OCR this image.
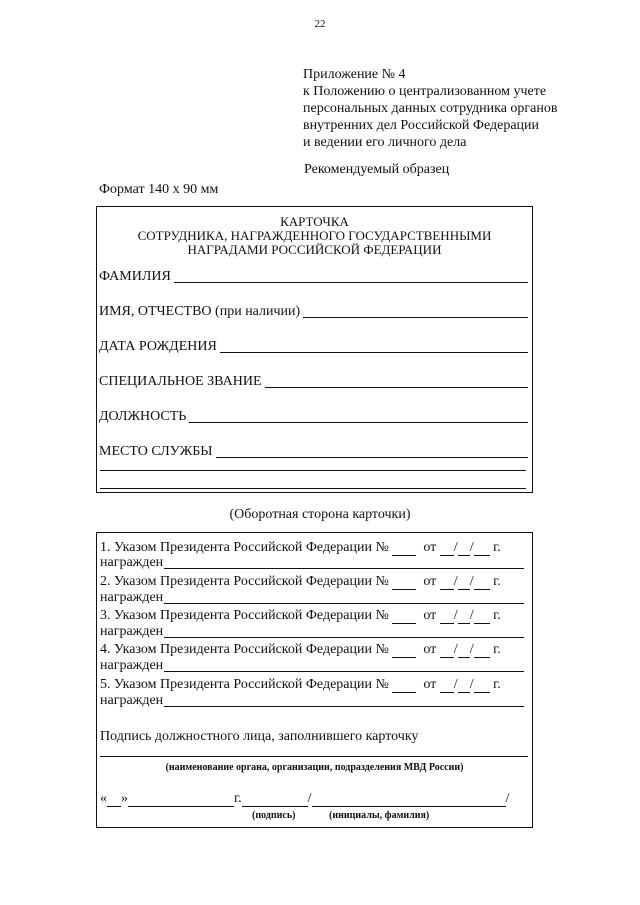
22
Приложение № 4
к Положению о централизованном учете
персональных данных сотрудника органов
внутренних дел Российской Федерации
и ведении его личного дела
Рекомендуемый образец
Формат 140 х 90 мм
КАРТОЧКА
СОТРУДНИКА, НАГРАЖДЕННОГО ГОСУДАРСТВЕННЫМИ
НАГРАДАМИ РОССИЙСКОЙ ФЕДЕРАЦИИ
ФАМИЛИЯ
ИМЯ, ОТЧЕСТВО (при наличии)
ДАТА РОЖДЕНИЯ
СПЕЦИАЛЬНОЕ ЗВАНИЕ
ДОЛЖНОСТЬ
МЕСТО СЛУЖБЫ
(Оборотная сторона карточки)
1.
Указом Президента Российской Федерации №

от
/ /
г.
награжден
2.
Указом Президента Российской Федерации №

от
/ /
г.
награжден
3.
Указом Президента Российской Федерации №

от
/ /
г.
награжден
4.
Указом Президента Российской Федерации №

от
/ /
г.
награжден
5.
Указом Президента Российской Федерации №

от
/ /
г.
награжден
Подпись должностного лица, заполнившего карточку
(наименование органа, организации, подразделения МВД России)
« »	г.	/	/
(подпись)	(инициалы, фамилия)
